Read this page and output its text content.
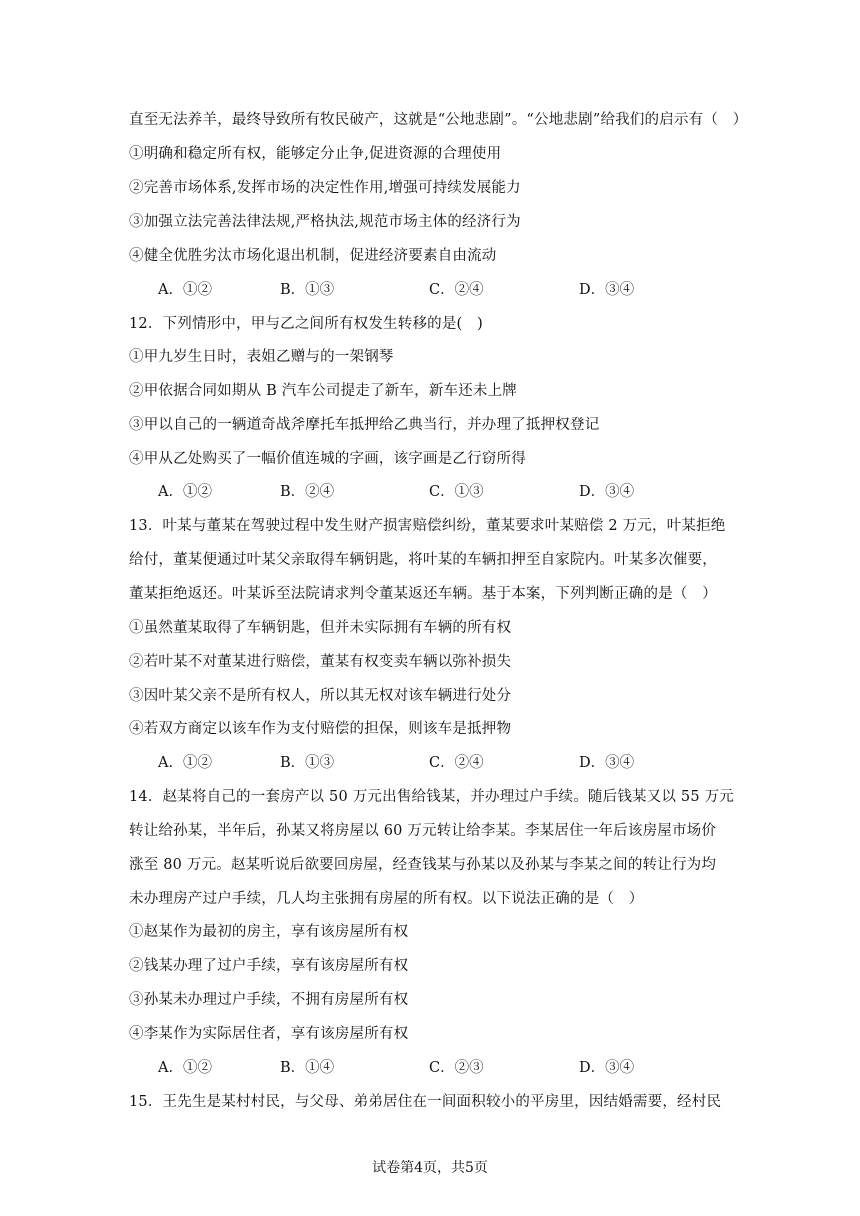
直至无法养羊，最终导致所有牧民破产，这就是“公地悲剧”。“公地悲剧”给我们的启示有（　）
①明确和稳定所有权，能够定分止争,促进资源的合理使用
②完善市场体系,发挥市场的决定性作用,增强可持续发展能力
③加强立法完善法律法规,严格执法,规范市场主体的经济行为
④健全优胜劣汰市场化退出机制，促进经济要素自由流动
A．①②	B．①③	C．②④	D．③④
12．下列情形中，甲与乙之间所有权发生转移的是(　)
①甲九岁生日时，表姐乙赠与的一架钢琴
②甲依据合同如期从 B 汽车公司提走了新车，新车还未上牌
③甲以自己的一辆道奇战斧摩托车抵押给乙典当行，并办理了抵押权登记
④甲从乙处购买了一幅价值连城的字画，该字画是乙行窃所得
A．①②	B．②④	C．①③	D．③④
13．叶某与董某在驾驶过程中发生财产损害赔偿纠纷，董某要求叶某赔偿 2 万元，叶某拒绝
给付，董某便通过叶某父亲取得车辆钥匙，将叶某的车辆扣押至自家院内。叶某多次催要，
董某拒绝返还。叶某诉至法院请求判令董某返还车辆。基于本案，下列判断正确的是（　）
①虽然董某取得了车辆钥匙，但并未实际拥有车辆的所有权
②若叶某不对董某进行赔偿，董某有权变卖车辆以弥补损失
③因叶某父亲不是所有权人，所以其无权对该车辆进行处分
④若双方商定以该车作为支付赔偿的担保，则该车是抵押物
A．①②	B．①③	C．②④	D．③④
14．赵某将自己的一套房产以 50 万元出售给钱某，并办理过户手续。随后钱某又以 55 万元
转让给孙某，半年后，孙某又将房屋以 60 万元转让给李某。李某居住一年后该房屋市场价
涨至 80 万元。赵某听说后欲要回房屋，经查钱某与孙某以及孙某与李某之间的转让行为均
未办理房产过户手续，几人均主张拥有房屋的所有权。以下说法正确的是（　）
①赵某作为最初的房主，享有该房屋所有权
②钱某办理了过户手续，享有该房屋所有权
③孙某未办理过户手续，不拥有房屋所有权
④李某作为实际居住者，享有该房屋所有权
A．①②	B．①④	C．②③	D．③④
15．王先生是某村村民，与父母、弟弟居住在一间面积较小的平房里，因结婚需要，经村民
试卷第4页，共5页
